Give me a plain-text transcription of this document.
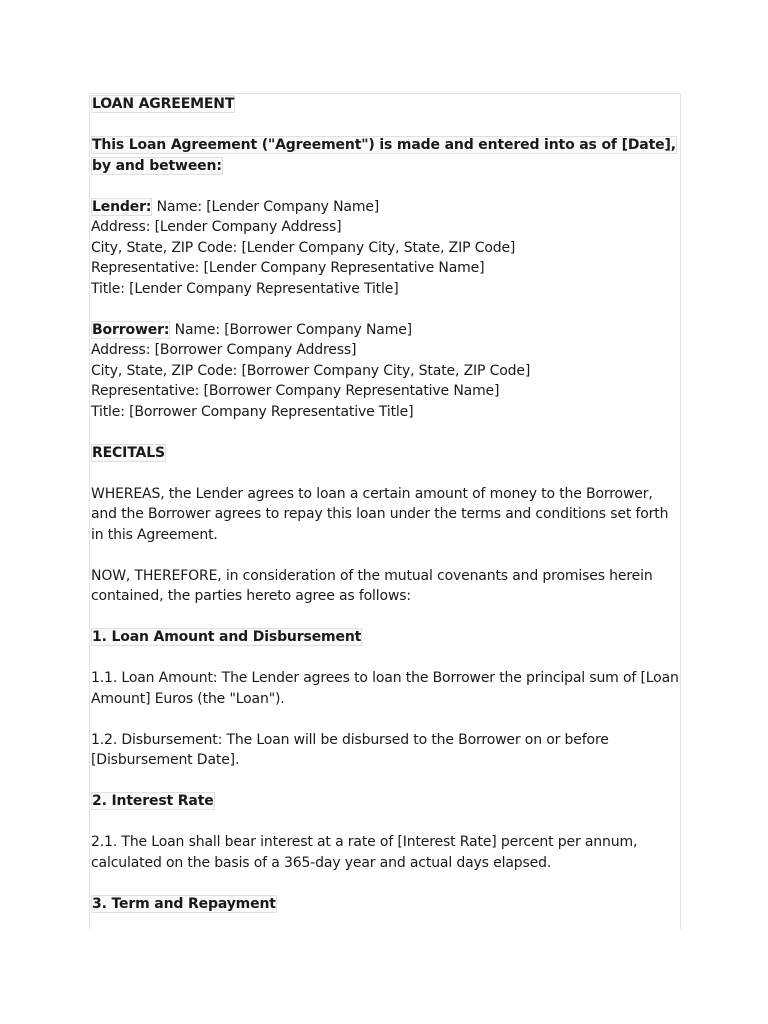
LOAN AGREEMENT
This Loan Agreement ("Agreement") is made and entered into as of [Date], by and between:
Lender: Name: [Lender Company Name]
Address: [Lender Company Address]
City, State, ZIP Code: [Lender Company City, State, ZIP Code]
Representative: [Lender Company Representative Name]
Title: [Lender Company Representative Title]
Borrower: Name: [Borrower Company Name]
Address: [Borrower Company Address]
City, State, ZIP Code: [Borrower Company City, State, ZIP Code]
Representative: [Borrower Company Representative Name]
Title: [Borrower Company Representative Title]
RECITALS
WHEREAS, the Lender agrees to loan a certain amount of money to the Borrower, and the Borrower agrees to repay this loan under the terms and conditions set forth in this Agreement.
NOW, THEREFORE, in consideration of the mutual covenants and promises herein contained, the parties hereto agree as follows:
1. Loan Amount and Disbursement
1.1. Loan Amount: The Lender agrees to loan the Borrower the principal sum of [Loan Amount] Euros (the "Loan").
1.2. Disbursement: The Loan will be disbursed to the Borrower on or before [Disbursement Date].
2. Interest Rate
2.1. The Loan shall bear interest at a rate of [Interest Rate] percent per annum, calculated on the basis of a 365-day year and actual days elapsed.
3. Term and Repayment
